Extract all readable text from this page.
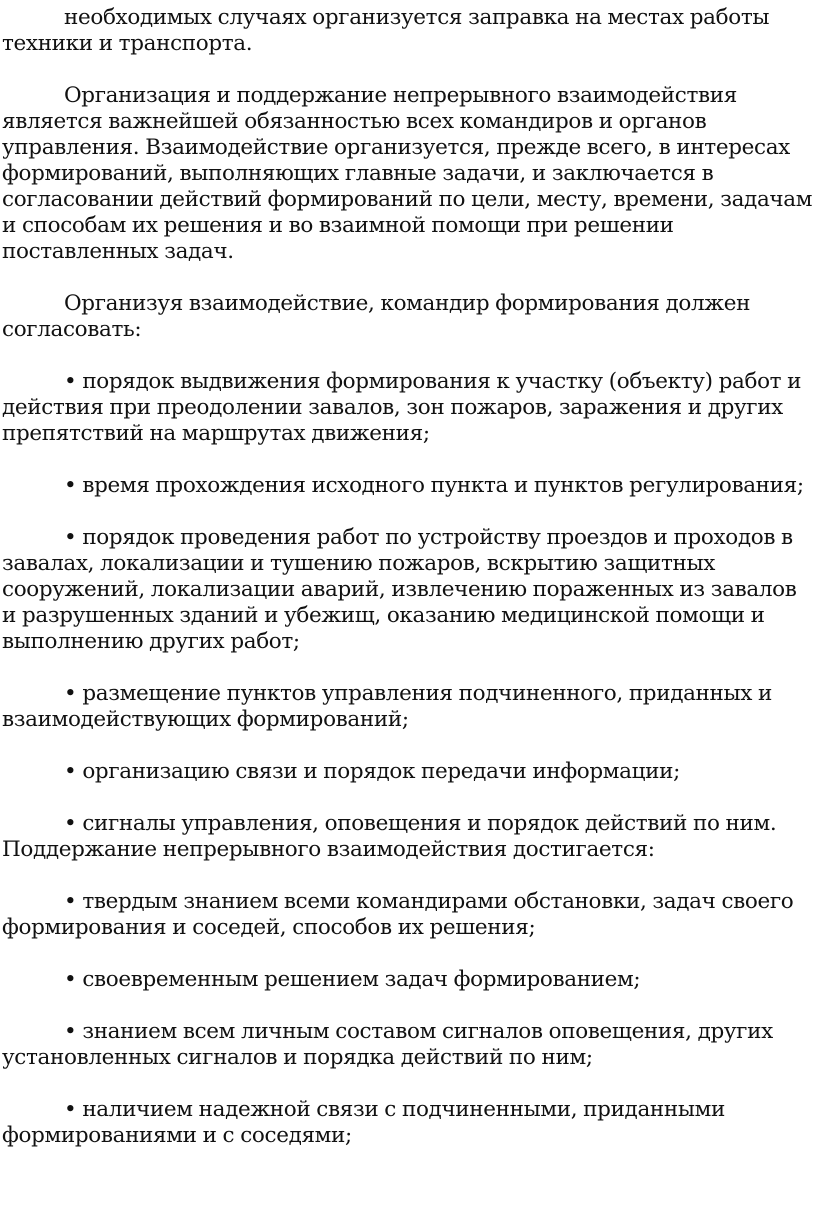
необходимых случаях организуется заправка на местах работы техники и транспорта.

Организация и поддержание непрерывного взаимодействия является важнейшей обязанностью всех командиров и органов управления. Взаимодействие организуется, прежде всего, в интересах формирований, выполняющих главные задачи, и заключается в согласовании действий формирований по цели, месту, времени, задачам и способам их решения и во взаимной помощи при решении поставленных задач.

Организуя взаимодействие, командир формирования должен согласовать:

• порядок выдвижения формирования к участку (объекту) работ и действия при преодолении завалов, зон пожаров, заражения и других препятствий на маршрутах движения;

• время прохождения исходного пункта и пунктов регулирования;

• порядок проведения работ по устройству проездов и проходов в завалах, локализации и тушению пожаров, вскрытию защитных сооружений, локализации аварий, извлечению пораженных из завалов и разрушенных зданий и убежищ, оказанию медицинской помощи и выполнению других работ;

• размещение пунктов управления подчиненного, приданных и взаимодействующих формирований;

• организацию связи и порядок передачи информации;

• сигналы управления, оповещения и порядок действий по ним. Поддержание непрерывного взаимодействия достигается:

• твердым знанием всеми командирами обстановки, задач своего формирования и соседей, способов их решения;

• своевременным решением задач формированием;

• знанием всем личным составом сигналов оповещения, других установленных сигналов и порядка действий по ним;

• наличием надежной связи с подчиненными, приданными формированиями и с соседями;
